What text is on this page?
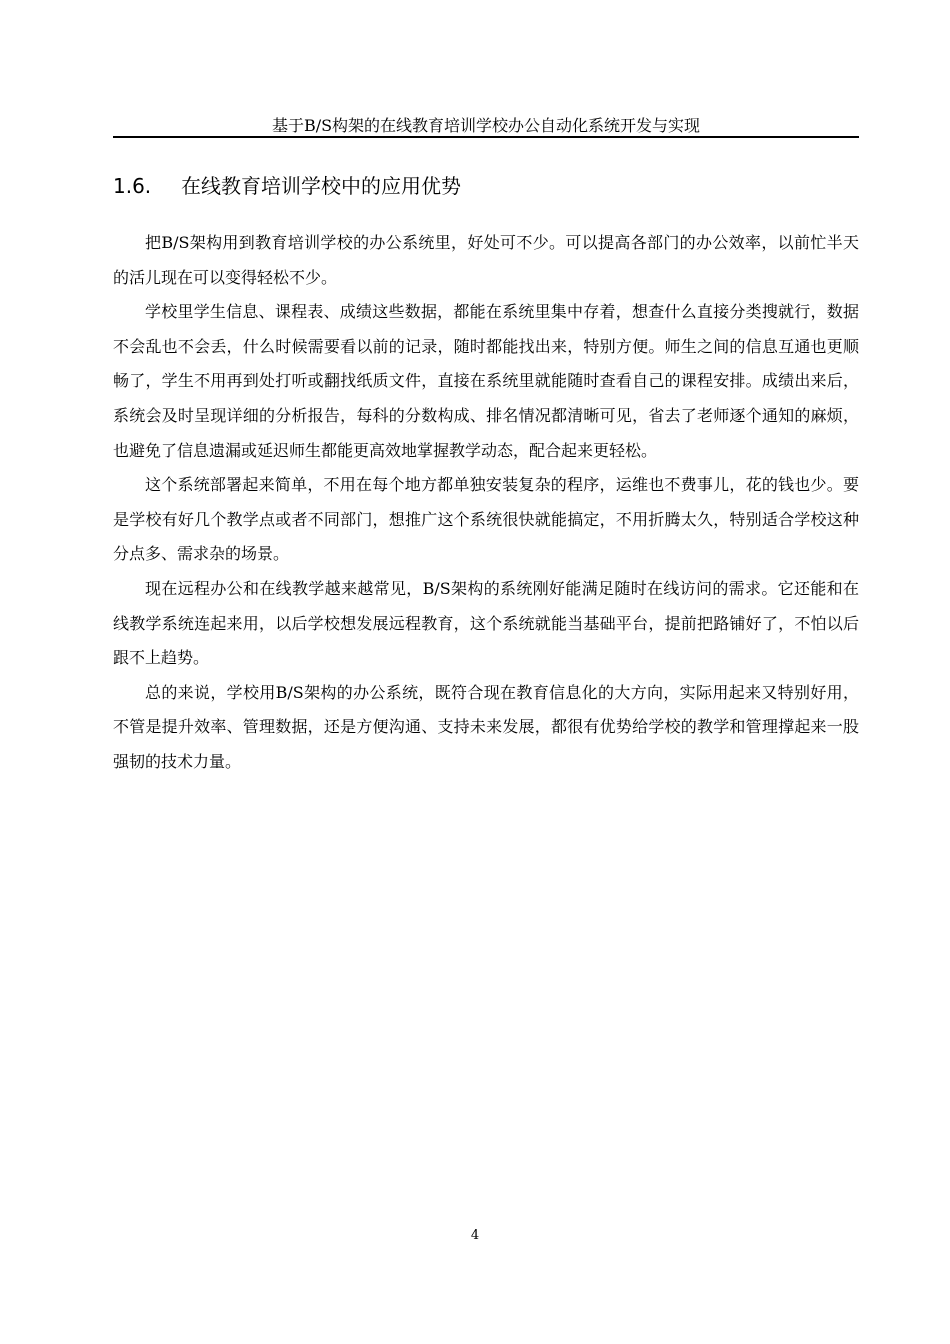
基于B/S构架的在线教育培训学校办公自动化系统开发与实现
1.6. 在线教育培训学校中的应用优势

把B/S架构用到教育培训学校的办公系统里，好处可不少。可以提高各部门的办公效率，以前忙半天的活儿现在可以变得轻松不少。

学校里学生信息、课程表、成绩这些数据，都能在系统里集中存着，想查什么直接分类搜就行，数据不会乱也不会丢，什么时候需要看以前的记录，随时都能找出来，特别方便。师生之间的信息互通也更顺畅了，学生不用再到处打听或翻找纸质文件，直接在系统里就能随时查看自己的课程安排。成绩出来后，系统会及时呈现详细的分析报告，每科的分数构成、排名情况都清晰可见，省去了老师逐个通知的麻烦，也避免了信息遗漏或延迟师生都能更高效地掌握教学动态，配合起来更轻松。

这个系统部署起来简单，不用在每个地方都单独安装复杂的程序，运维也不费事儿，花的钱也少。要是学校有好几个教学点或者不同部门，想推广这个系统很快就能搞定，不用折腾太久，特别适合学校这种分点多、需求杂的场景。

现在远程办公和在线教学越来越常见，B/S架构的系统刚好能满足随时在线访问的需求。它还能和在线教学系统连起来用，以后学校想发展远程教育，这个系统就能当基础平台，提前把路铺好了，不怕以后跟不上趋势。

总的来说，学校用B/S架构的办公系统，既符合现在教育信息化的大方向，实际用起来又特别好用，不管是提升效率、管理数据，还是方便沟通、支持未来发展，都很有优势给学校的教学和管理撑起来一股强韧的技术力量。

4
